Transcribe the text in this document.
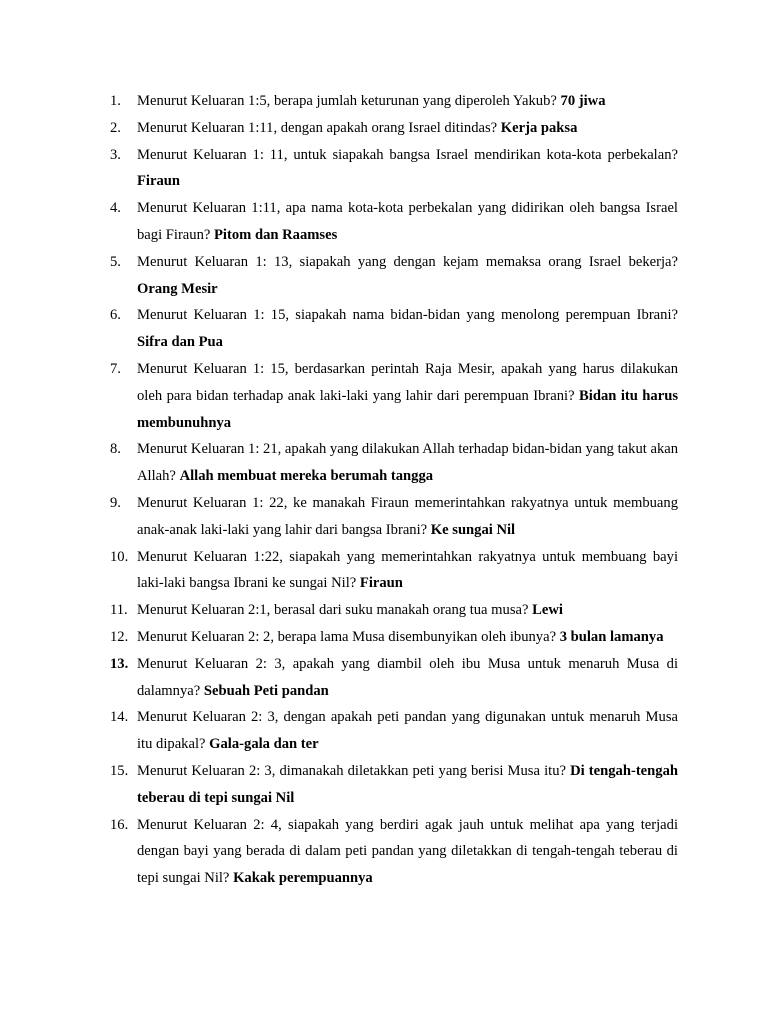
1.	Menurut Keluaran 1:5, berapa jumlah keturunan yang diperoleh Yakub? 70 jiwa
2.	Menurut Keluaran 1:11, dengan apakah orang Israel ditindas? Kerja paksa
3.	Menurut Keluaran 1: 11, untuk siapakah bangsa Israel mendirikan kota-kota perbekalan? Firaun
4.	Menurut Keluaran 1:11, apa nama kota-kota perbekalan yang didirikan oleh bangsa Israel bagi Firaun? Pitom dan Raamses
5.	Menurut Keluaran 1: 13, siapakah yang dengan kejam memaksa orang Israel bekerja? Orang Mesir
6.	Menurut Keluaran 1: 15, siapakah nama bidan-bidan yang menolong perempuan Ibrani? Sifra dan Pua
7.	Menurut Keluaran 1: 15, berdasarkan perintah Raja Mesir, apakah yang harus dilakukan oleh para bidan terhadap anak laki-laki yang lahir dari perempuan Ibrani? Bidan itu harus membunuhnya
8.	Menurut Keluaran 1: 21, apakah yang dilakukan Allah terhadap bidan-bidan yang takut akan Allah? Allah membuat mereka berumah tangga
9.	Menurut Keluaran 1: 22, ke manakah Firaun memerintahkan rakyatnya untuk membuang anak-anak laki-laki yang lahir dari bangsa Ibrani? Ke sungai Nil
10. Menurut Keluaran 1:22, siapakah yang memerintahkan rakyatnya untuk membuang bayi laki-laki bangsa Ibrani ke sungai Nil? Firaun
11. Menurut Keluaran 2:1, berasal dari suku manakah orang tua musa? Lewi
12. Menurut Keluaran 2: 2, berapa lama Musa disembunyikan oleh ibunya? 3 bulan lamanya
13. Menurut Keluaran 2: 3, apakah yang diambil oleh ibu Musa untuk menaruh Musa di dalamnya? Sebuah Peti pandan
14. Menurut Keluaran 2: 3, dengan apakah peti pandan yang digunakan untuk menaruh Musa itu dipakal? Gala-gala dan ter
15. Menurut Keluaran 2: 3, dimanakah diletakkan peti yang berisi Musa itu? Di tengah-tengah teberau di tepi sungai Nil
16. Menurut Keluaran 2: 4, siapakah yang berdiri agak jauh untuk melihat apa yang terjadi dengan bayi yang berada di dalam peti pandan yang diletakkan di tengah-tengah teberau di tepi sungai Nil? Kakak perempuannya
